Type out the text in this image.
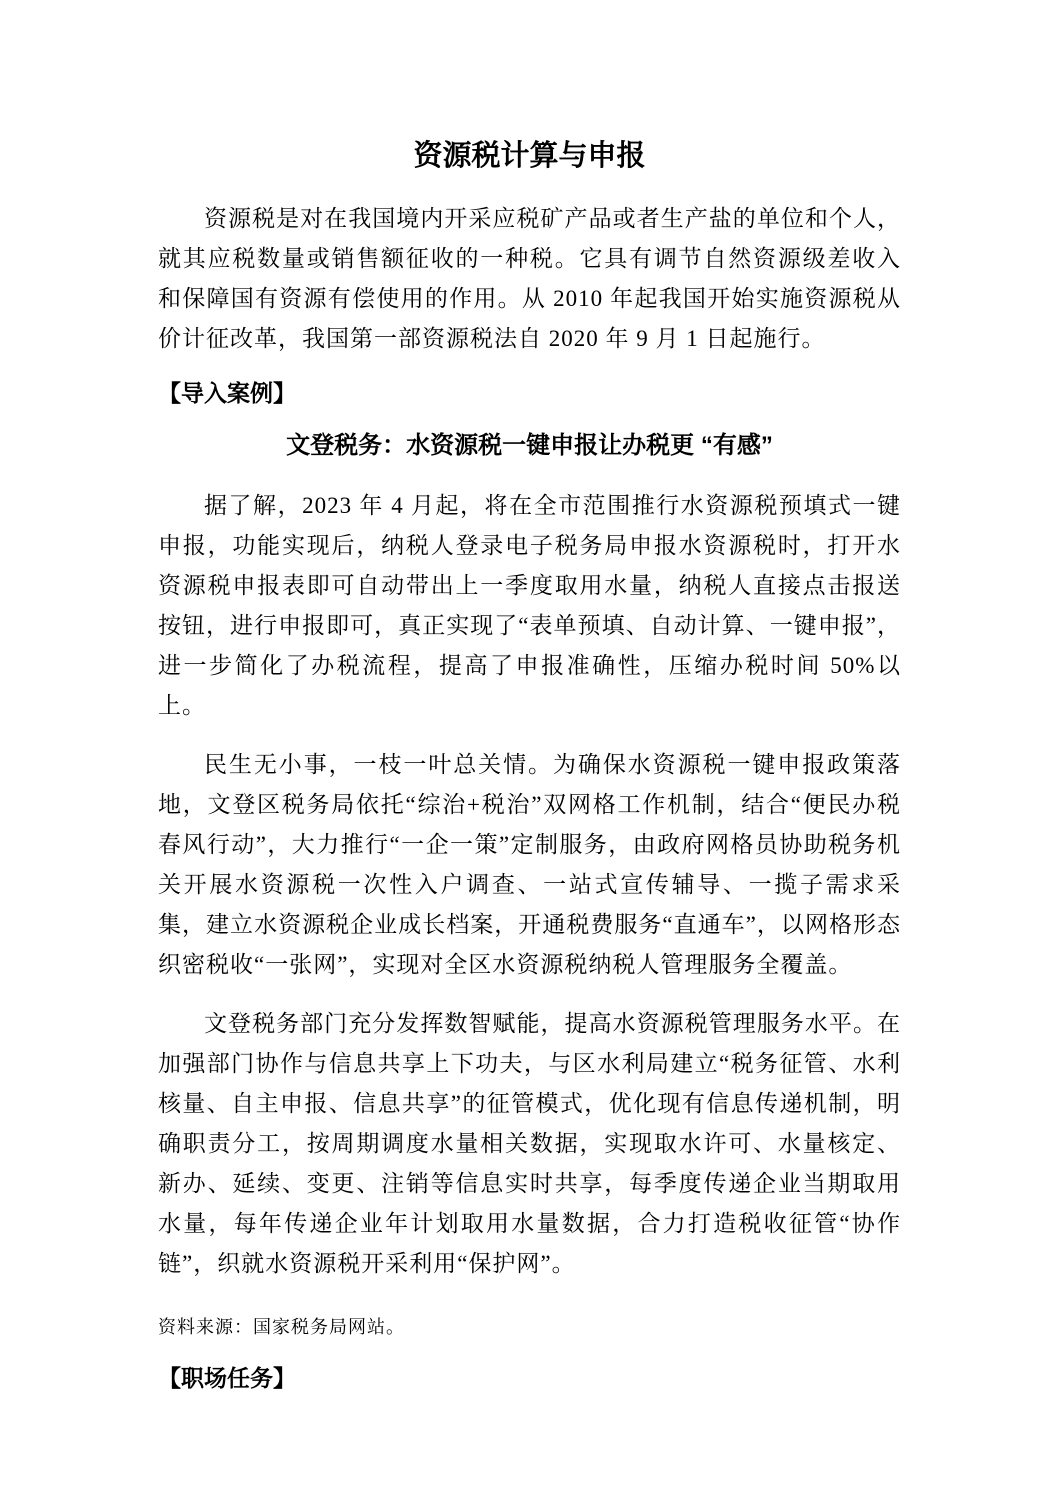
资源税计算与申报

资源税是对在我国境内开采应税矿产品或者生产盐的单位和个人，就其应税数量或销售额征收的一种税。它具有调节自然资源级差收入和保障国有资源有偿使用的作用。从 2010 年起我国开始实施资源税从价计征改革，我国第一部资源税法自 2020 年 9 月 1 日起施行。

【导入案例】
文登税务：水资源税一键申报让办税更 “有感”

据了解，2023 年 4 月起，将在全市范围推行水资源税预填式一键申报，功能实现后，纳税人登录电子税务局申报水资源税时，打开水资源税申报表即可自动带出上一季度取用水量，纳税人直接点击报送按钮，进行申报即可，真正实现了“表单预填、自动计算、一键申报”，进一步简化了办税流程，提高了申报准确性，压缩办税时间 50%以上。

民生无小事，一枝一叶总关情。为确保水资源税一键申报政策落地，文登区税务局依托“综治+税治”双网格工作机制，结合“便民办税春风行动”，大力推行“一企一策”定制服务，由政府网格员协助税务机关开展水资源税一次性入户调查、一站式宣传辅导、一揽子需求采集，建立水资源税企业成长档案，开通税费服务“直通车”，以网格形态织密税收“一张网”，实现对全区水资源税纳税人管理服务全覆盖。

文登税务部门充分发挥数智赋能，提高水资源税管理服务水平。在加强部门协作与信息共享上下功夫，与区水利局建立“税务征管、水利核量、自主申报、信息共享”的征管模式，优化现有信息传递机制，明确职责分工，按周期调度水量相关数据，实现取水许可、水量核定、新办、延续、变更、注销等信息实时共享，每季度传递企业当期取用水量，每年传递企业年计划取用水量数据，合力打造税收征管“协作链”，织就水资源税开采利用“保护网”。

资料来源：国家税务局网站。

【职场任务】
